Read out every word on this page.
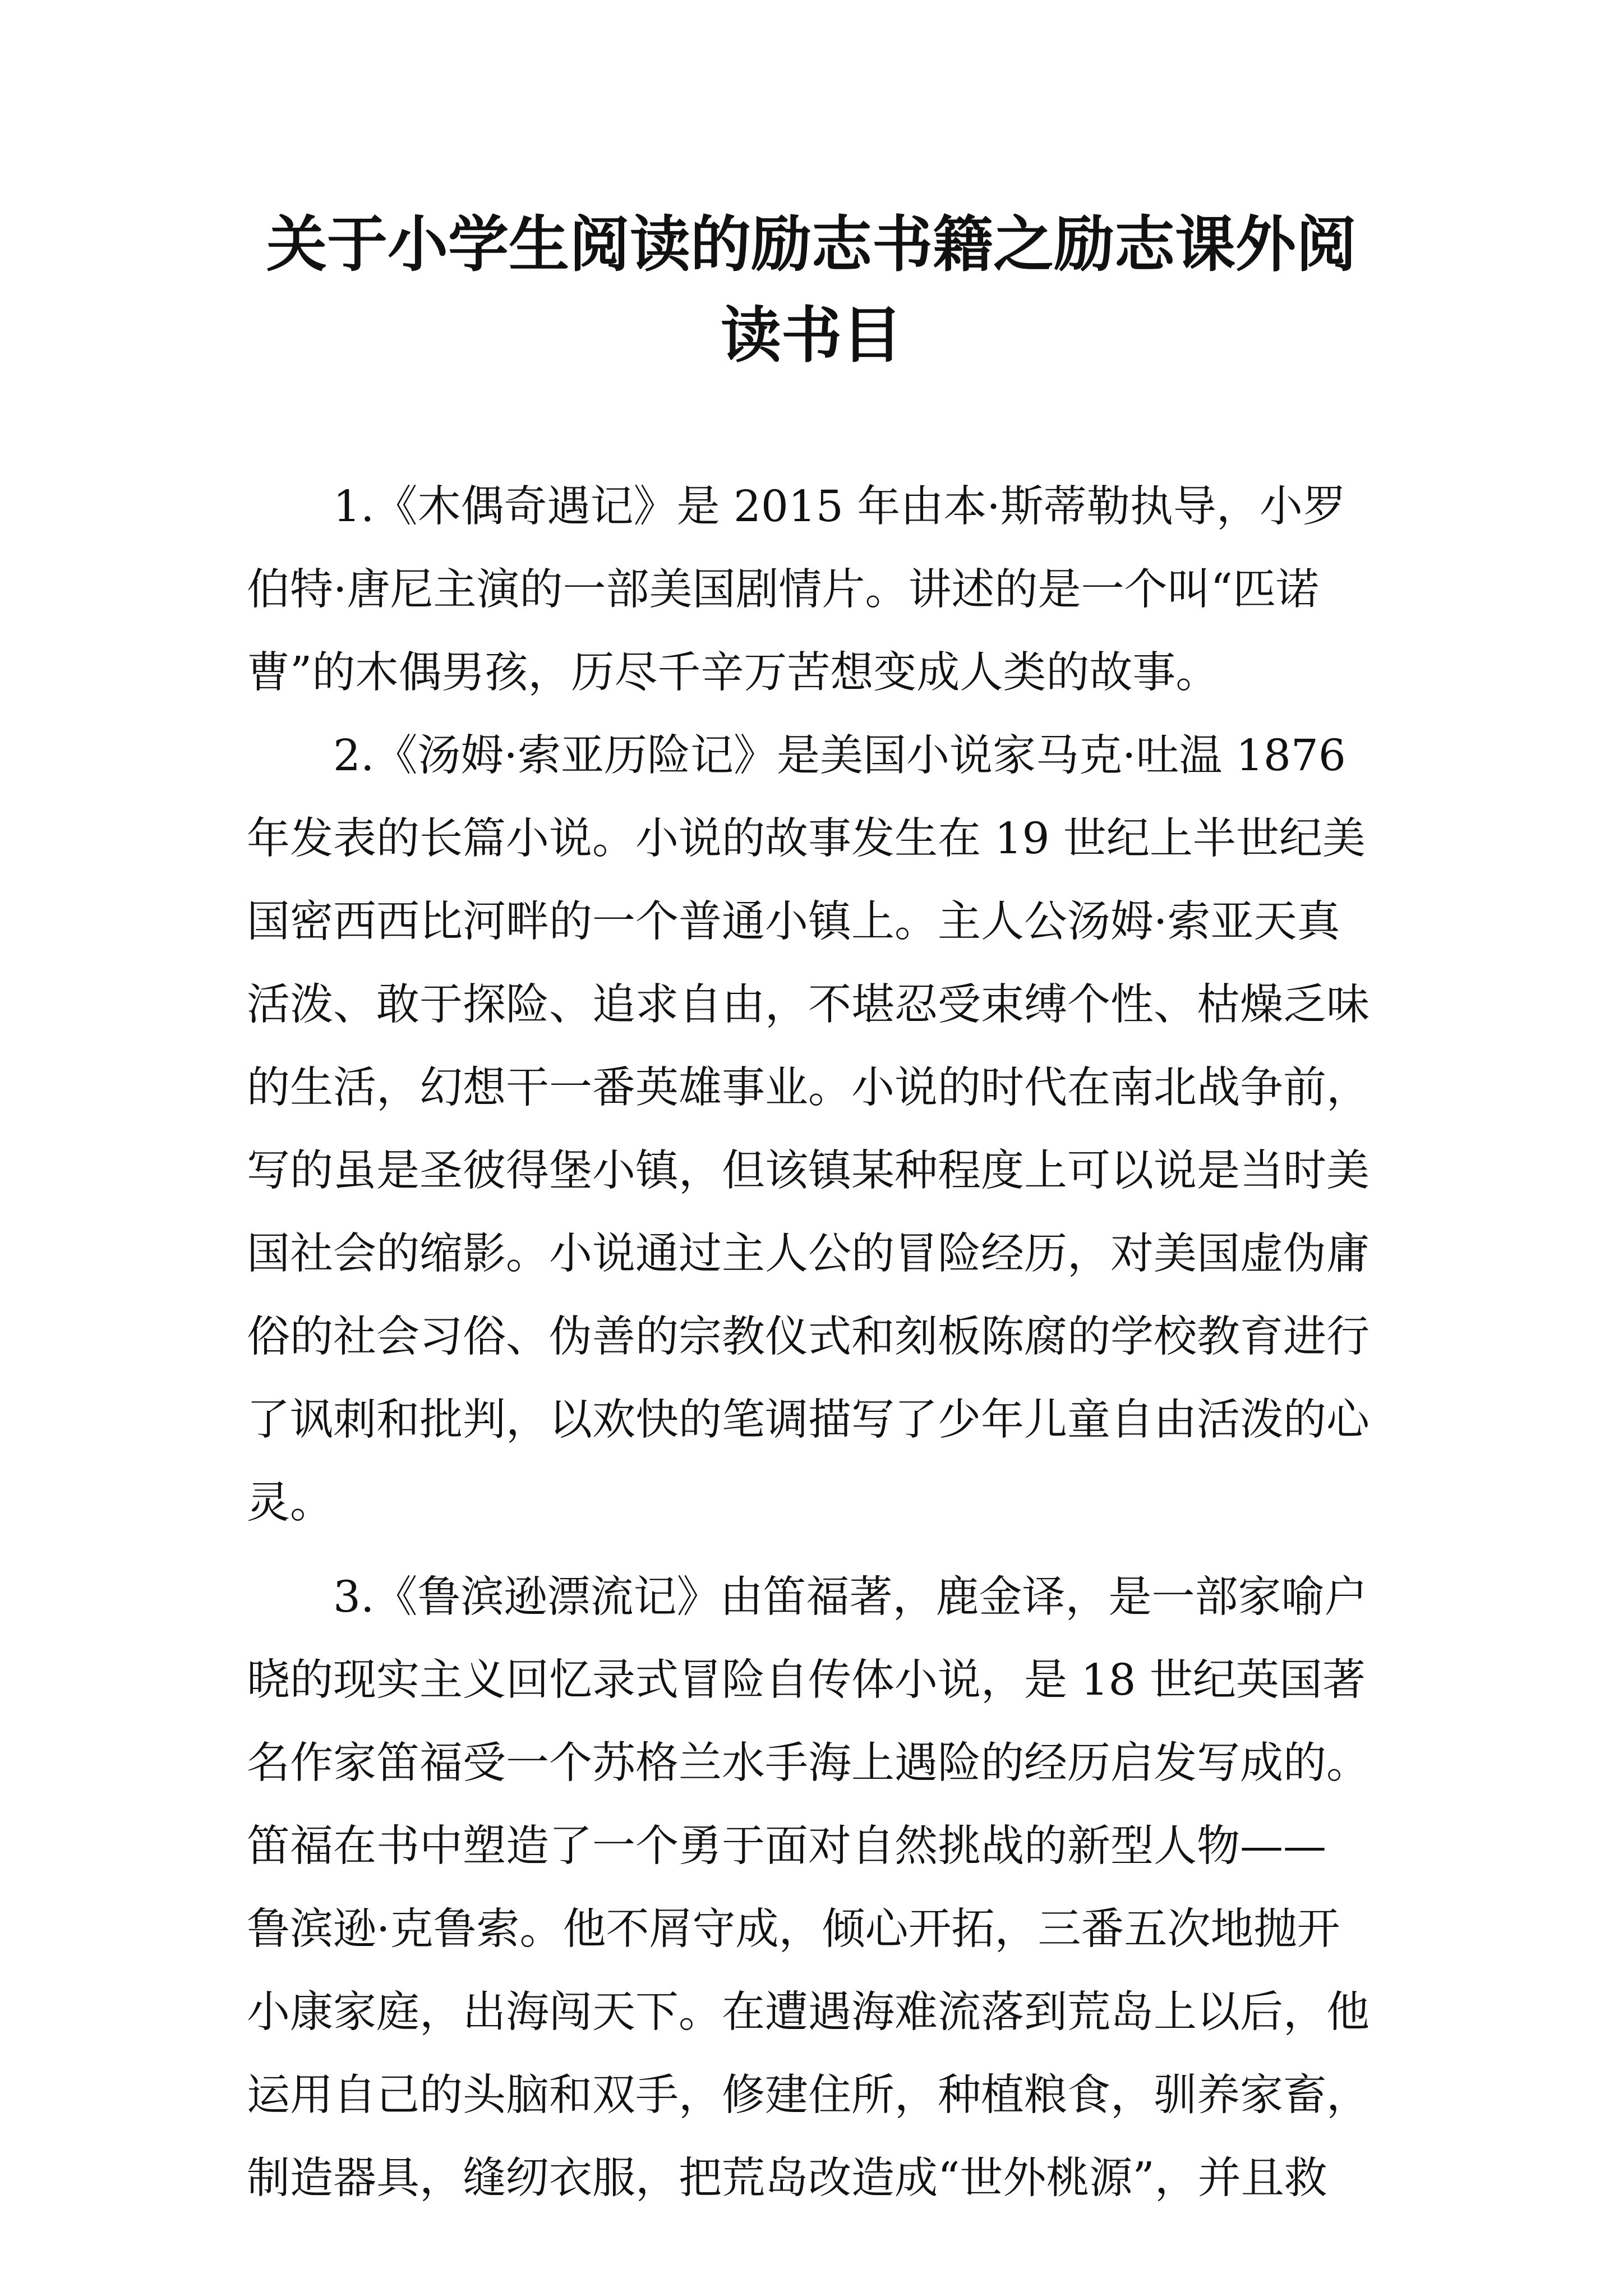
关于小学生阅读的励志书籍之励志课外阅
读书目
1.《木偶奇遇记》是 2015 年由本·斯蒂勒执导，小罗
伯特·唐尼主演的一部美国剧情片。讲述的是一个叫“匹诺
曹”的木偶男孩，历尽千辛万苦想变成人类的故事。
2.《汤姆·索亚历险记》是美国小说家马克·吐温 1876
年发表的长篇小说。小说的故事发生在 19 世纪上半世纪美
国密西西比河畔的一个普通小镇上。主人公汤姆·索亚天真
活泼、敢于探险、追求自由，不堪忍受束缚个性、枯燥乏味
的生活，幻想干一番英雄事业。小说的时代在南北战争前，
写的虽是圣彼得堡小镇，但该镇某种程度上可以说是当时美
国社会的缩影。小说通过主人公的冒险经历，对美国虚伪庸
俗的社会习俗、伪善的宗教仪式和刻板陈腐的学校教育进行
了讽刺和批判，以欢快的笔调描写了少年儿童自由活泼的心
灵。
3.《鲁滨逊漂流记》由笛福著，鹿金译，是一部家喻户
晓的现实主义回忆录式冒险自传体小说，是 18 世纪英国著
名作家笛福受一个苏格兰水手海上遇险的经历启发写成的。
笛福在书中塑造了一个勇于面对自然挑战的新型人物——
鲁滨逊·克鲁索。他不屑守成，倾心开拓，三番五次地抛开
小康家庭，出海闯天下。在遭遇海难流落到荒岛上以后，他
运用自己的头脑和双手，修建住所，种植粮食，驯养家畜，
制造器具，缝纫衣服，把荒岛改造成“世外桃源”，并且救
